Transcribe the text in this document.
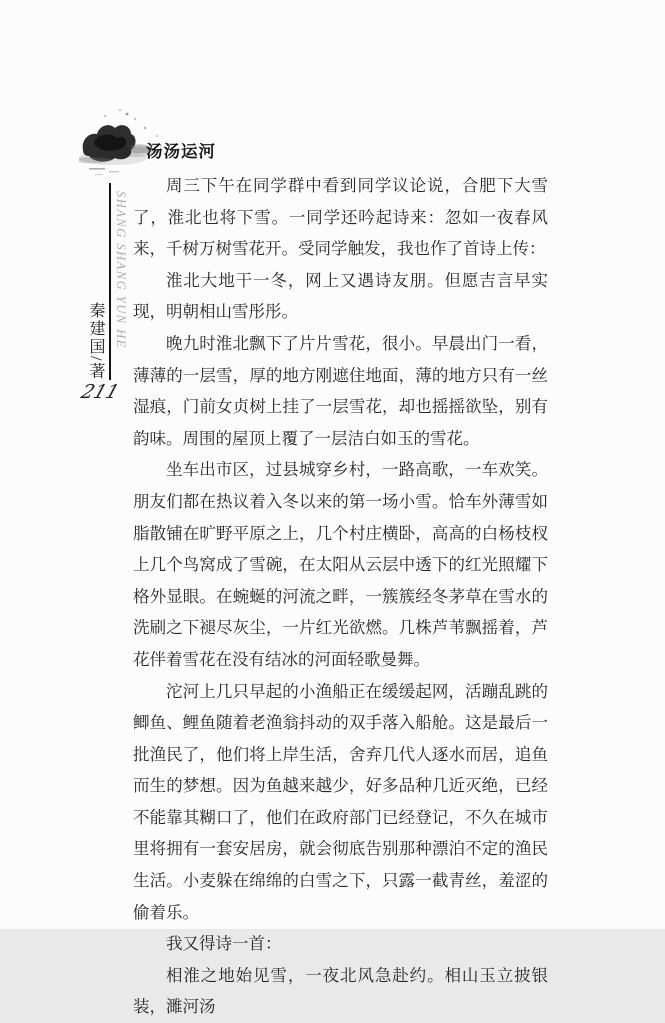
汤汤运河
SHANG SHANG YUN HE
秦建国/著
211

周三下午在同学群中看到同学议论说，合肥下大雪了，淮北也将下雪。一同学还吟起诗来：忽如一夜春风来，千树万树雪花开。受同学触发，我也作了首诗上传：

淮北大地干一冬，网上又遇诗友朋。但愿吉言早实现，明朝相山雪彤彤。

晚九时淮北飘下了片片雪花，很小。早晨出门一看，薄薄的一层雪，厚的地方刚遮住地面，薄的地方只有一丝湿痕，门前女贞树上挂了一层雪花，却也摇摇欲坠，别有韵味。周围的屋顶上覆了一层洁白如玉的雪花。

坐车出市区，过县城穿乡村，一路高歌，一车欢笑。朋友们都在热议着入冬以来的第一场小雪。恰车外薄雪如脂散铺在旷野平原之上，几个村庄横卧，高高的白杨枝杈上几个鸟窝成了雪碗，在太阳从云层中透下的红光照耀下格外显眼。在蜿蜒的河流之畔，一簇簇经冬茅草在雪水的洗刷之下褪尽灰尘，一片红光欲燃。几株芦苇飘摇着，芦花伴着雪花在没有结冰的河面轻歌曼舞。

沱河上几只早起的小渔船正在缓缓起网，活蹦乱跳的鲫鱼、鲤鱼随着老渔翁抖动的双手落入船舱。这是最后一批渔民了，他们将上岸生活，舍弃几代人逐水而居，追鱼而生的梦想。因为鱼越来越少，好多品种几近灭绝，已经不能靠其糊口了，他们在政府部门已经登记，不久在城市里将拥有一套安居房，就会彻底告别那种漂泊不定的渔民生活。小麦躲在绵绵的白雪之下，只露一截青丝，羞涩的偷着乐。

我又得诗一首：

相淮之地始见雪，一夜北风急赴约。相山玉立披银装，濉河汤
